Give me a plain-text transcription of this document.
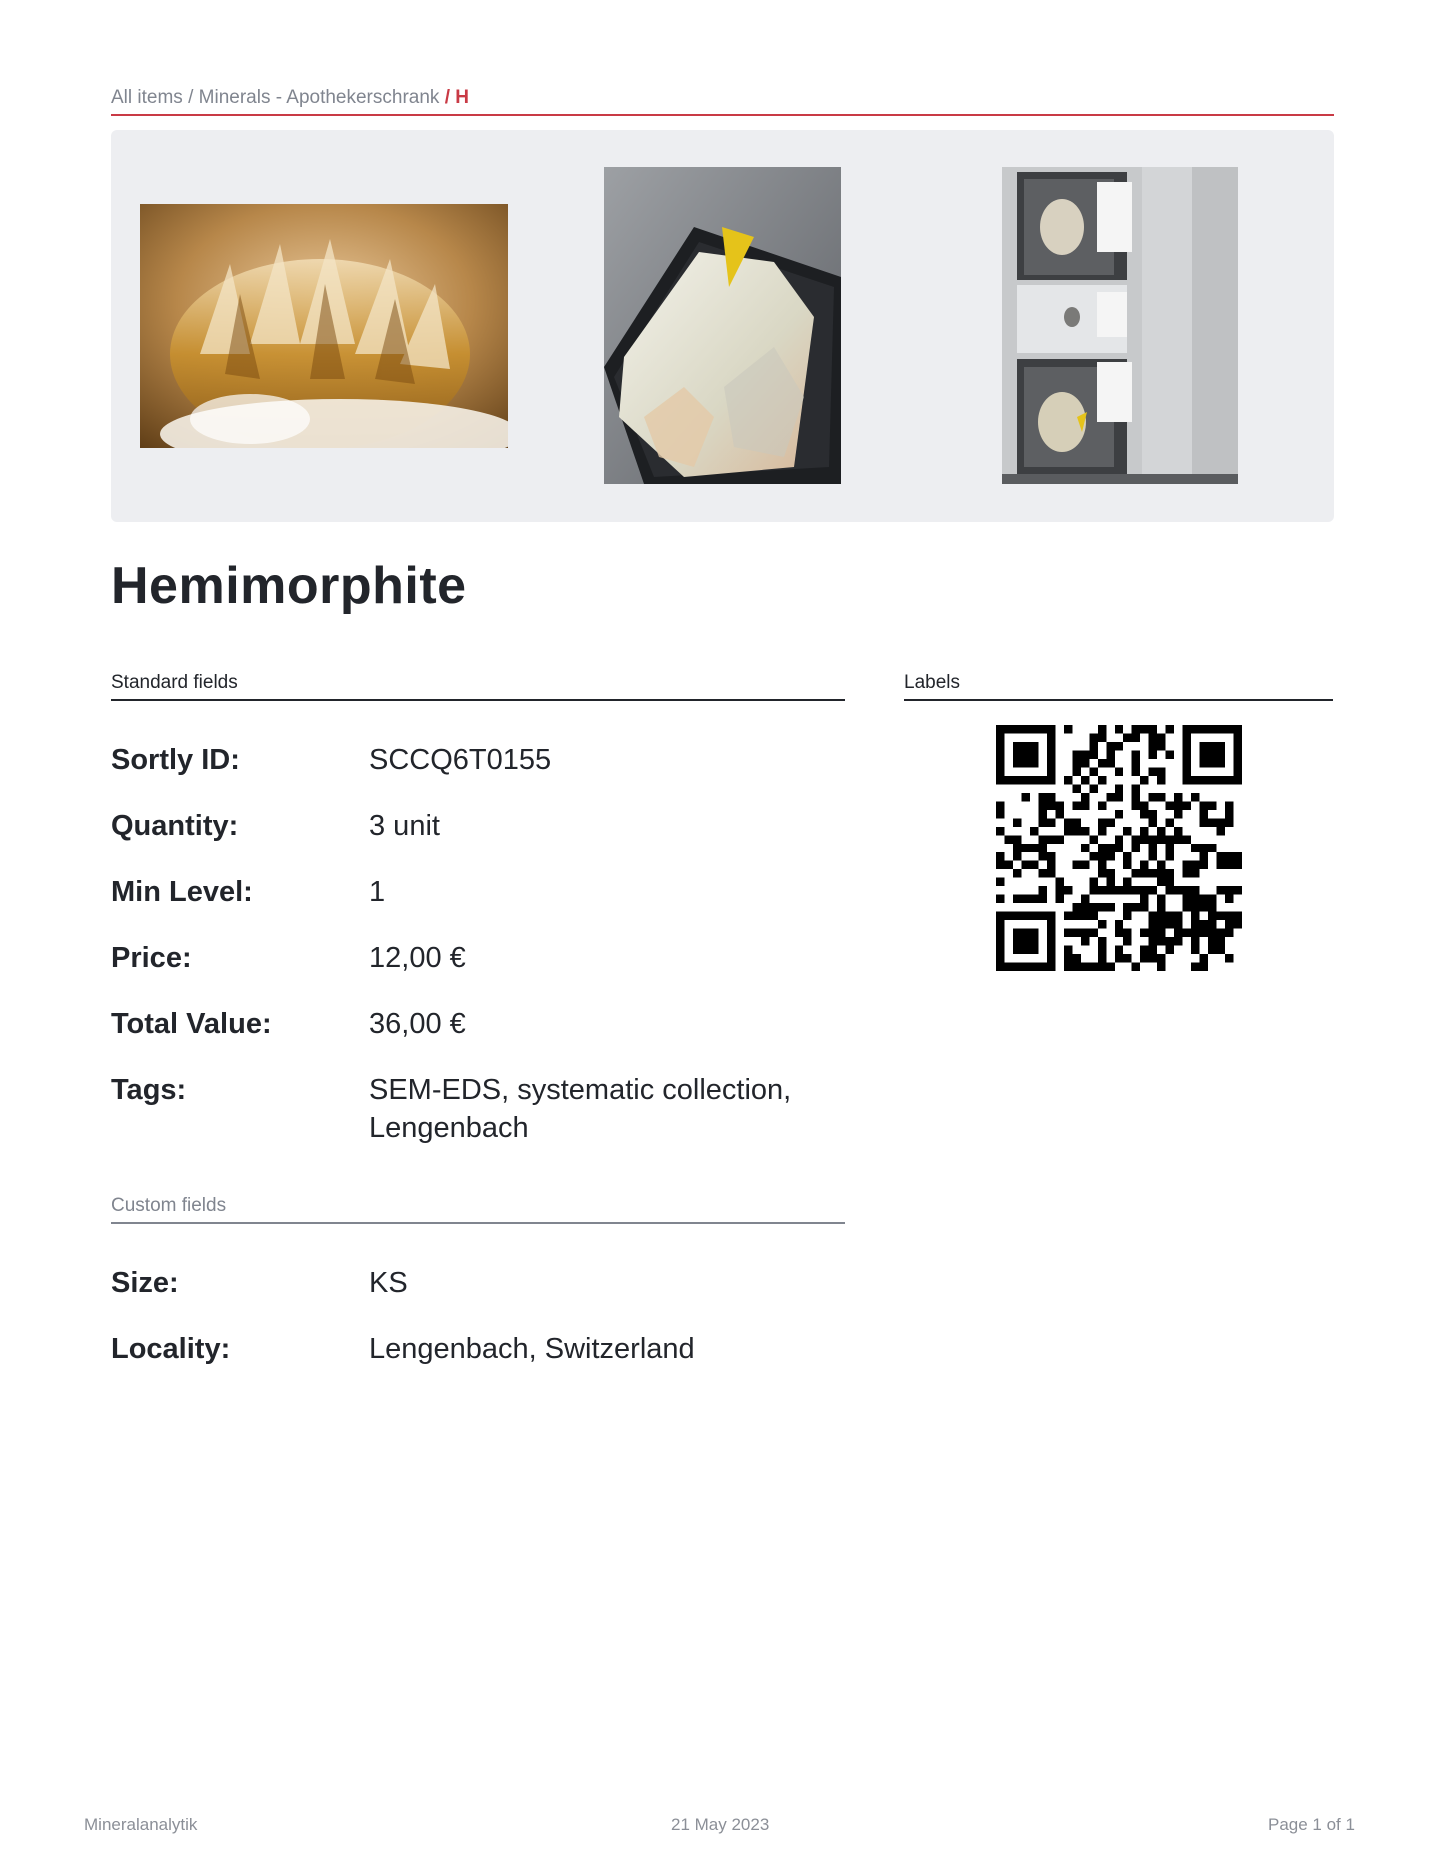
All items / Minerals - Apothekerschrank / H
Hemimorphite
Standard fields	Labels
Sortly ID:	SCCQ6T0155
Quantity:	3 unit
Min Level:	1
Price:	12,00 €
Total Value:	36,00 €
Tags:	SEM-EDS, systematic collection, Lengenbach
Custom fields
Size:	KS
Locality:	Lengenbach, Switzerland
Mineralanalytik	21 May 2023	Page 1 of 1
